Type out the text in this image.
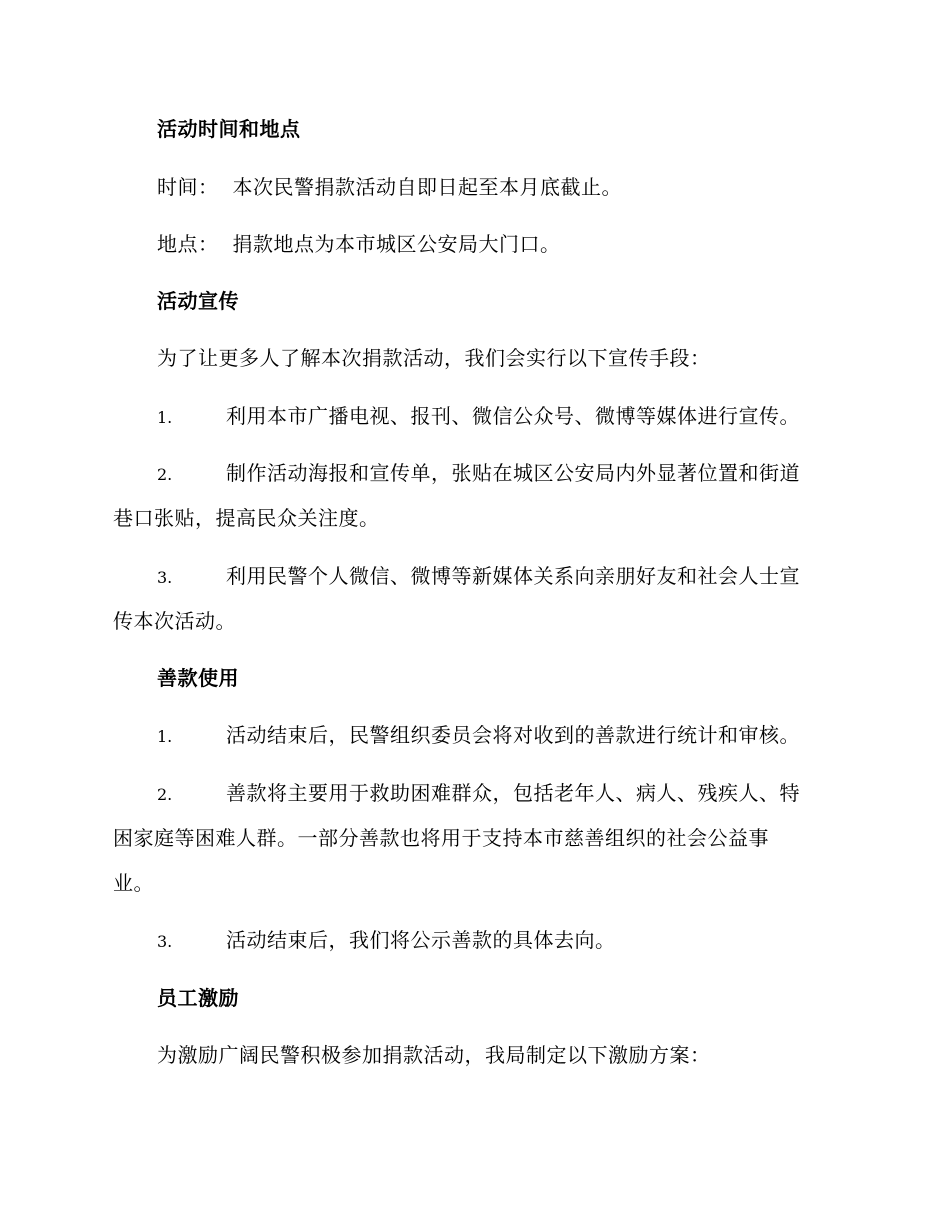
活动时间和地点
时间： 本次民警捐款活动自即日起至本月底截止。
地点： 捐款地点为本市城区公安局大门口。
活动宣传
为了让更多人了解本次捐款活动，我们会实行以下宣传手段：
1.	利用本市广播电视、报刊、微信公众号、微博等媒体进行宣传。
2.	制作活动海报和宣传单，张贴在城区公安局内外显著位置和街道
巷口张贴，提高民众关注度。
3.	利用民警个人微信、微博等新媒体关系向亲朋好友和社会人士宣
传本次活动。
善款使用
1.	活动结束后，民警组织委员会将对收到的善款进行统计和审核。
2.	善款将主要用于救助困难群众，包括老年人、病人、残疾人、特
困家庭等困难人群。一部分善款也将用于支持本市慈善组织的社会公益事
业。
3.	活动结束后，我们将公示善款的具体去向。
员工激励
为激励广阔民警积极参加捐款活动，我局制定以下激励方案：
